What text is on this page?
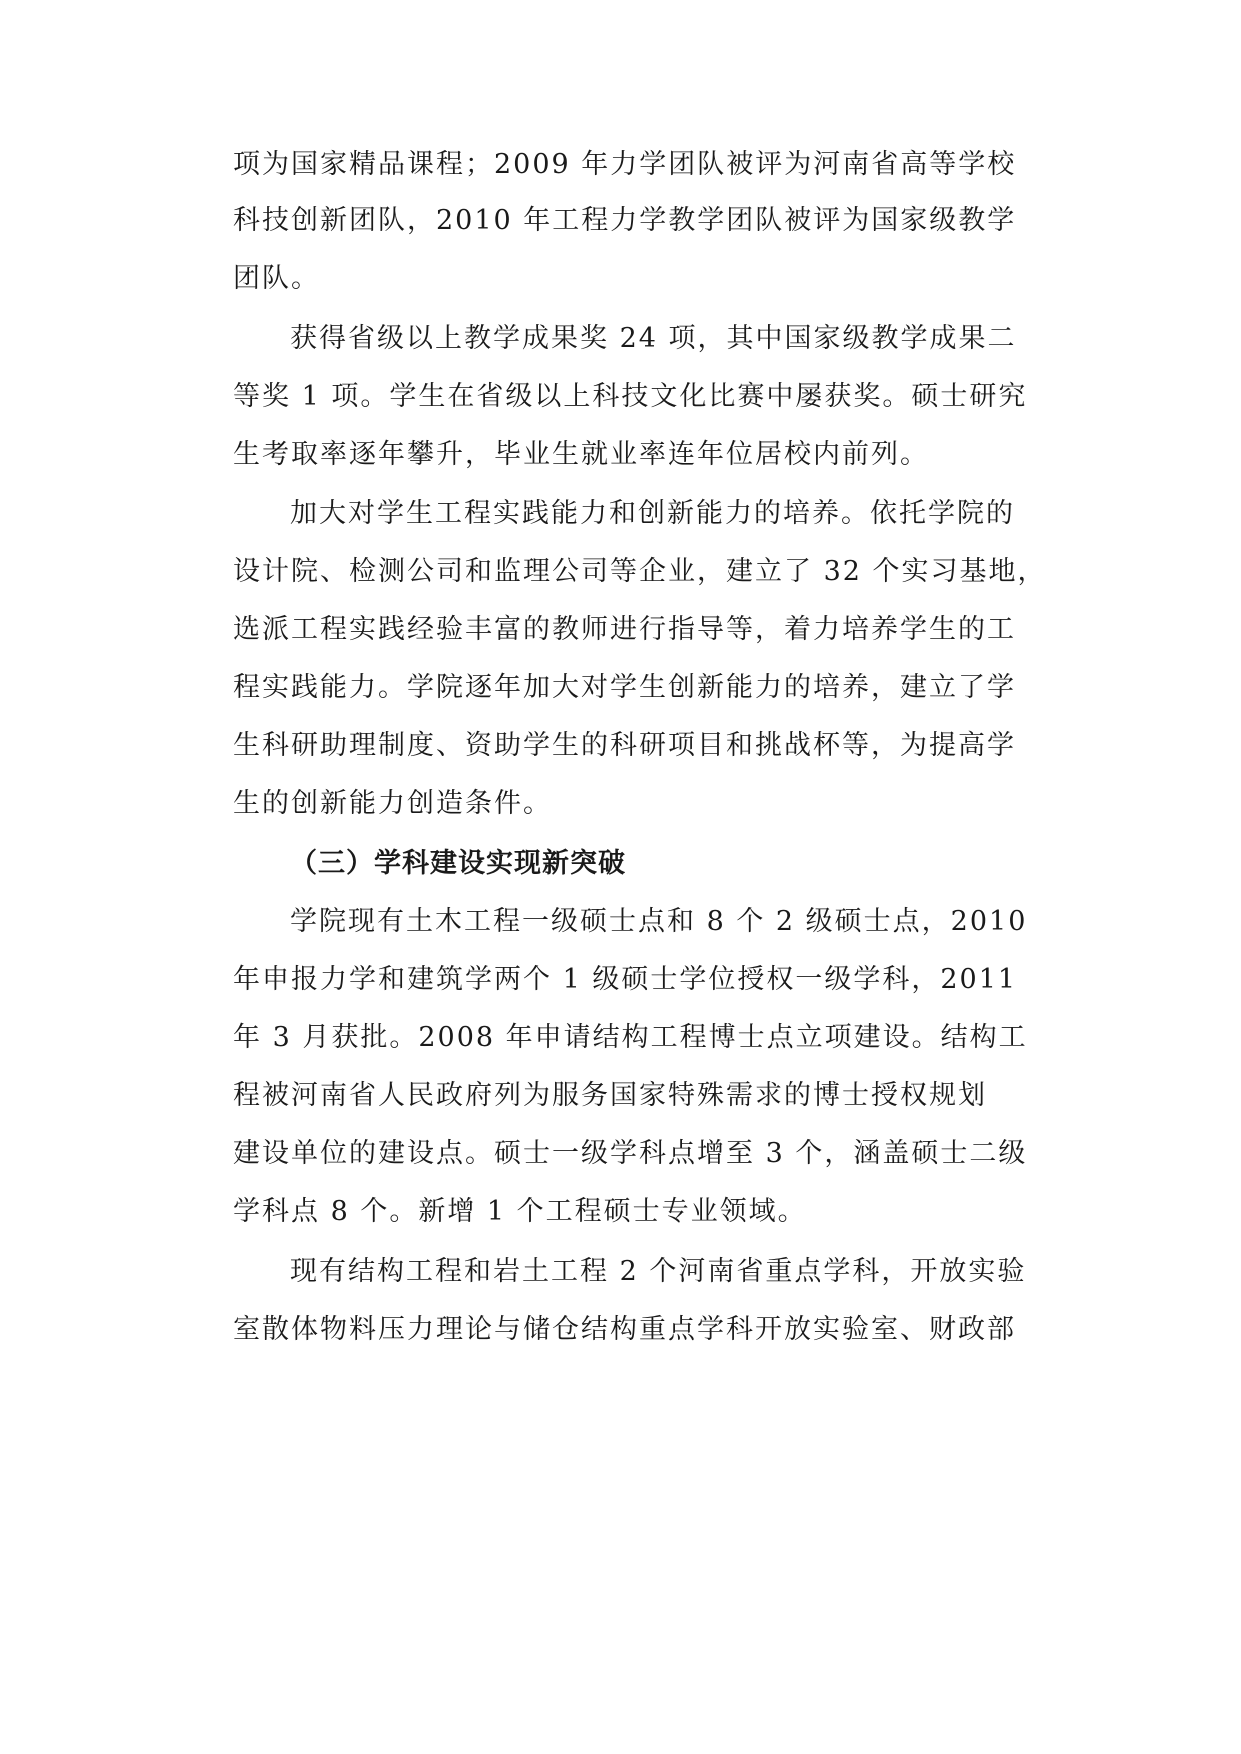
项为国家精品课程；2009 年力学团队被评为河南省高等学校
科技创新团队，2010 年工程力学教学团队被评为国家级教学
团队。
获得省级以上教学成果奖 24 项，其中国家级教学成果二
等奖 1 项。学生在省级以上科技文化比赛中屡获奖。硕士研究
生考取率逐年攀升，毕业生就业率连年位居校内前列。
加大对学生工程实践能力和创新能力的培养。依托学院的
设计院、检测公司和监理公司等企业，建立了 32 个实习基地，
选派工程实践经验丰富的教师进行指导等，着力培养学生的工
程实践能力。学院逐年加大对学生创新能力的培养，建立了学
生科研助理制度、资助学生的科研项目和挑战杯等，为提高学
生的创新能力创造条件。
（三）学科建设实现新突破
学院现有土木工程一级硕士点和 8 个 2 级硕士点，2010
年申报力学和建筑学两个 1 级硕士学位授权一级学科，2011
年 3 月获批。2008 年申请结构工程博士点立项建设。结构工
程被河南省人民政府列为服务国家特殊需求的博士授权规划
建设单位的建设点。硕士一级学科点增至 3 个，涵盖硕士二级
学科点 8 个。新增 1 个工程硕士专业领域。
现有结构工程和岩土工程 2 个河南省重点学科，开放实验
室散体物料压力理论与储仓结构重点学科开放实验室、财政部
